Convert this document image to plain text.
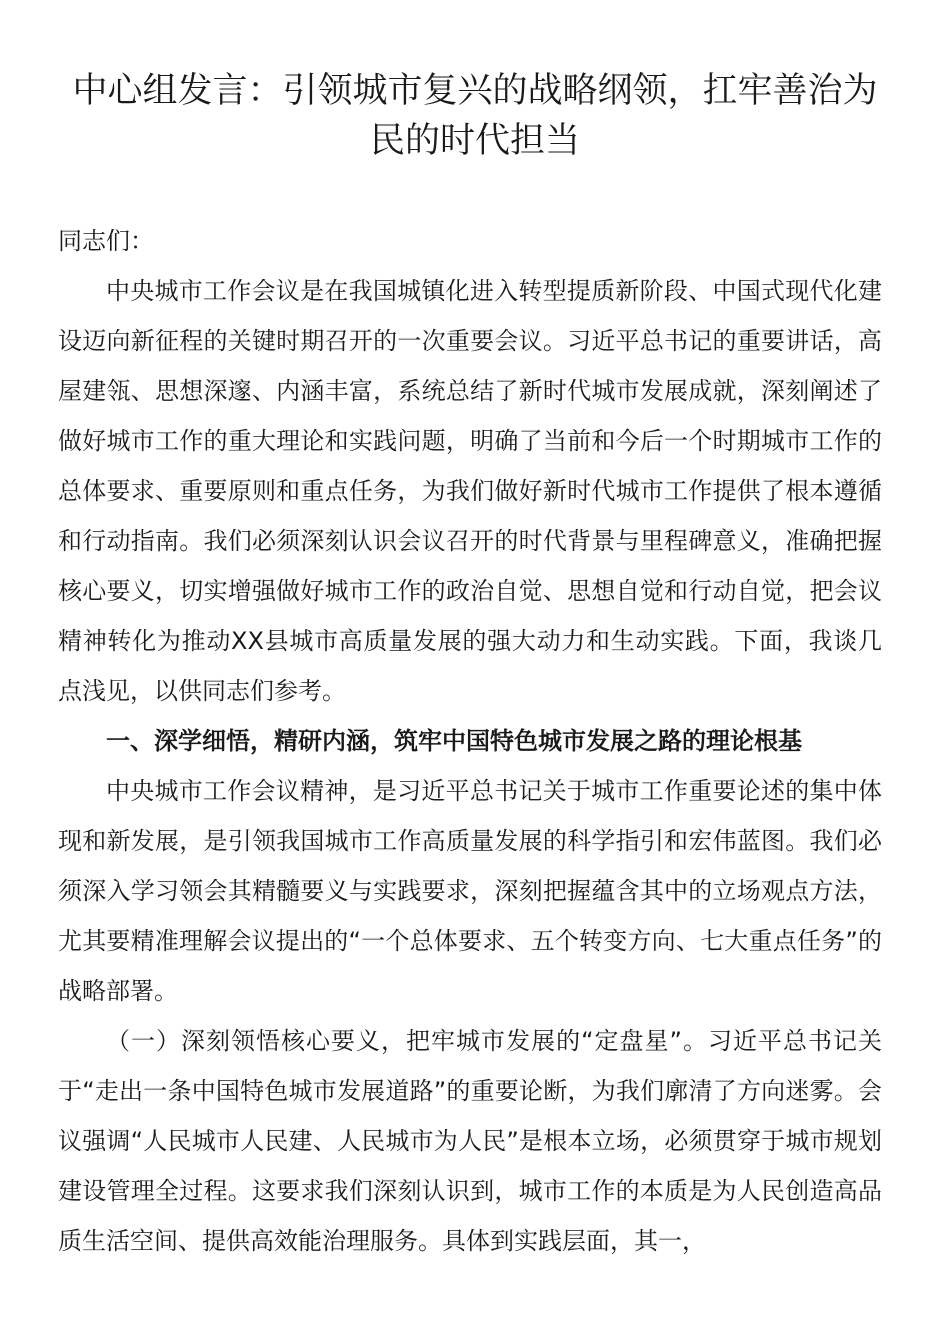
中心组发言：引领城市复兴的战略纲领，扛牢善治为民的时代担当

同志们：

中央城市工作会议是在我国城镇化进入转型提质新阶段、中国式现代化建设迈向新征程的关键时期召开的一次重要会议。习近平总书记的重要讲话，高屋建瓴、思想深邃、内涵丰富，系统总结了新时代城市发展成就，深刻阐述了做好城市工作的重大理论和实践问题，明确了当前和今后一个时期城市工作的总体要求、重要原则和重点任务，为我们做好新时代城市工作提供了根本遵循和行动指南。我们必须深刻认识会议召开的时代背景与里程碑意义，准确把握核心要义，切实增强做好城市工作的政治自觉、思想自觉和行动自觉，把会议精神转化为推动XX县城市高质量发展的强大动力和生动实践。下面，我谈几点浅见，以供同志们参考。

一、深学细悟，精研内涵，筑牢中国特色城市发展之路的理论根基

中央城市工作会议精神，是习近平总书记关于城市工作重要论述的集中体现和新发展，是引领我国城市工作高质量发展的科学指引和宏伟蓝图。我们必须深入学习领会其精髓要义与实践要求，深刻把握蕴含其中的立场观点方法，尤其要精准理解会议提出的“一个总体要求、五个转变方向、七大重点任务”的战略部署。

（一）深刻领悟核心要义，把牢城市发展的“定盘星”。习近平总书记关于“走出一条中国特色城市发展道路”的重要论断，为我们廓清了方向迷雾。会议强调“人民城市人民建、人民城市为人民”是根本立场，必须贯穿于城市规划建设管理全过程。这要求我们深刻认识到，城市工作的本质是为人民创造高品质生活空间、提供高效能治理服务。具体到实践层面，其一，
